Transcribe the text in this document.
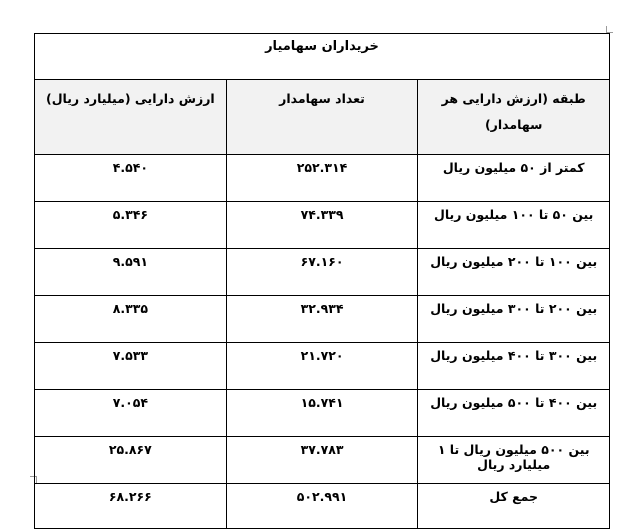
خریداران سهامیار		
طبقه (ارزش دارایی هر سهامدار)	تعداد سهامدار	ارزش دارایی (میلیارد ریال)
کمتر از ۵۰ میلیون ریال	۲۵۲.۳۱۴	۴.۵۴۰
بین ۵۰ تا ۱۰۰ میلیون ریال	۷۴.۳۳۹	۵.۳۴۶
بین ۱۰۰ تا ۲۰۰ میلیون ریال	۶۷.۱۶۰	۹.۵۹۱
بین ۲۰۰ تا ۳۰۰ میلیون ریال	۳۲.۹۳۴	۸.۳۳۵
بین ۳۰۰ تا ۴۰۰ میلیون ریال	۲۱.۷۲۰	۷.۵۳۳
بین ۴۰۰ تا ۵۰۰ میلیون ریال	۱۵.۷۴۱	۷.۰۵۴
بین ۵۰۰ میلیون ریال تا ۱ میلیارد ریال	۳۷.۷۸۳	۲۵.۸۶۷
جمع کل	۵۰۲.۹۹۱	۶۸.۲۶۶
